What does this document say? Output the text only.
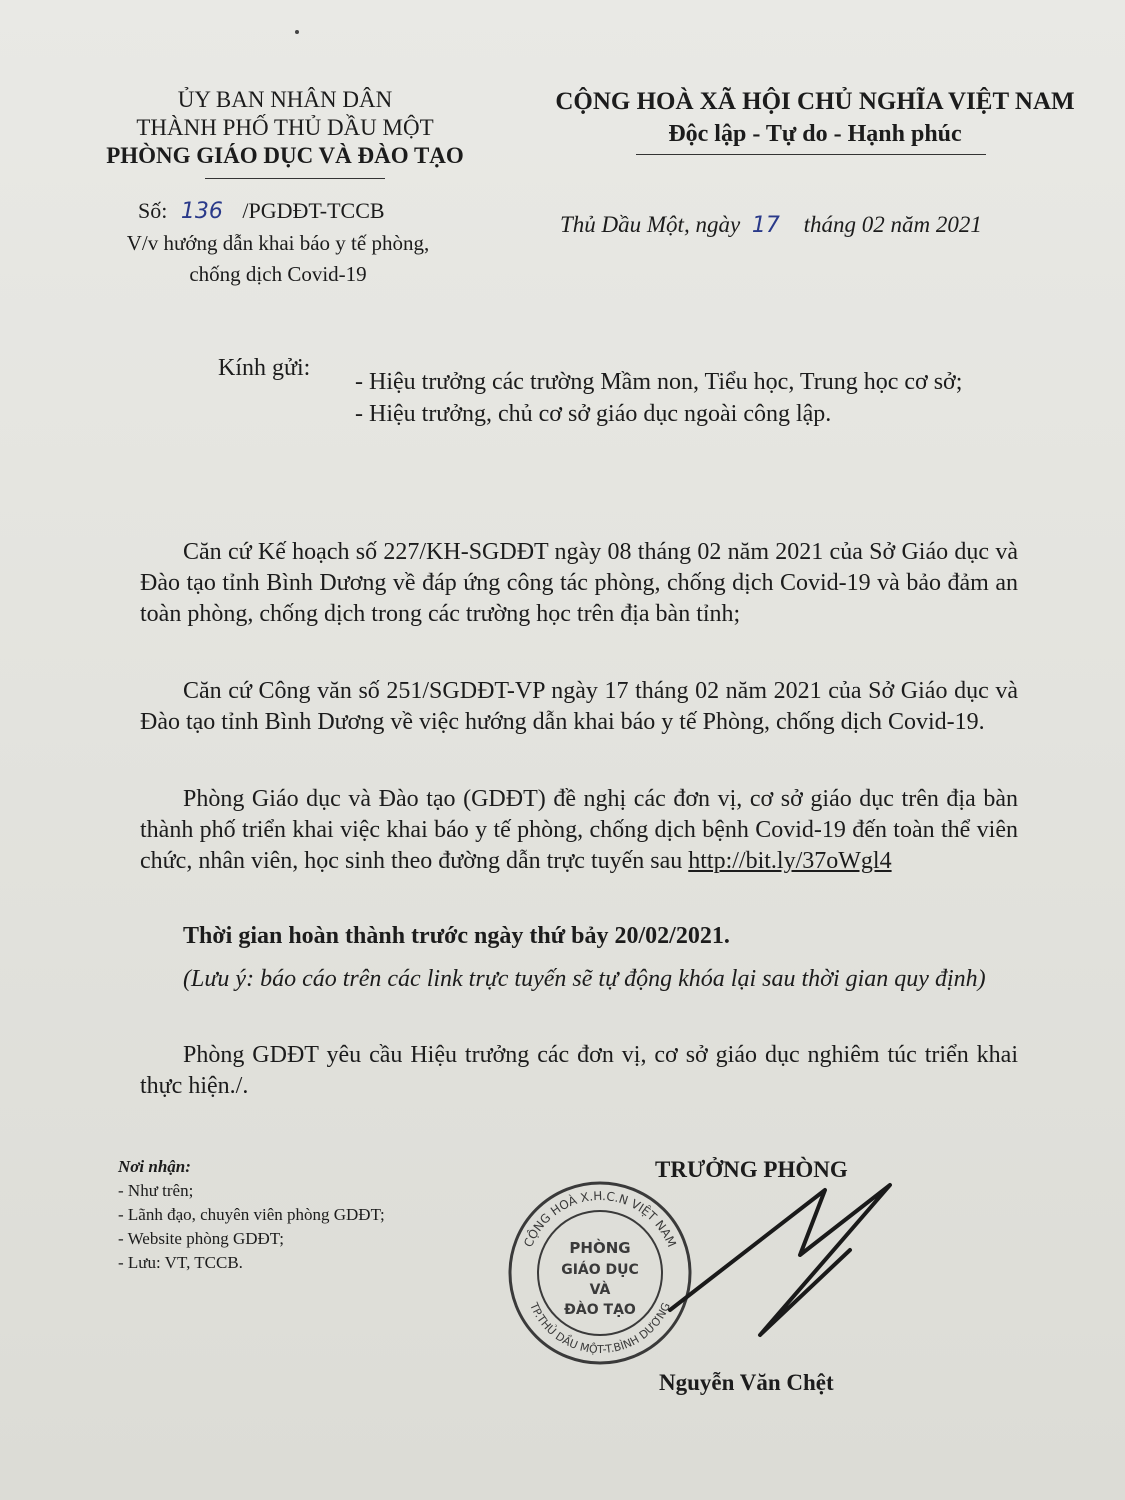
ỦY BAN NHÂN DÂN
THÀNH PHỐ THỦ DẦU MỘT
PHÒNG GIÁO DỤC VÀ ĐÀO TẠO
CỘNG HOÀ XÃ HỘI CHỦ NGHĨA VIỆT NAM
Độc lập - Tự do - Hạnh phúc
Số: 136 /PGDĐT-TCCB
V/v hướng dẫn khai báo y tế phòng,
chống dịch Covid-19
Thủ Dầu Một, ngày 17 tháng 02 năm 2021
Kính gửi:
- Hiệu trưởng các trường Mầm non, Tiểu học, Trung học cơ sở;
- Hiệu trưởng, chủ cơ sở giáo dục ngoài công lập.
Căn cứ Kế hoạch số 227/KH-SGDĐT ngày 08 tháng 02 năm 2021 của Sở Giáo dục và Đào tạo tỉnh Bình Dương về đáp ứng công tác phòng, chống dịch Covid-19 và bảo đảm an toàn phòng, chống dịch trong các trường học trên địa bàn tỉnh;
Căn cứ Công văn số 251/SGDĐT-VP ngày 17 tháng 02 năm 2021 của Sở Giáo dục và Đào tạo tỉnh Bình Dương về việc hướng dẫn khai báo y tế Phòng, chống dịch Covid-19.
Phòng Giáo dục và Đào tạo (GDĐT) đề nghị các đơn vị, cơ sở giáo dục trên địa bàn thành phố triển khai việc khai báo y tế phòng, chống dịch bệnh Covid-19 đến toàn thể viên chức, nhân viên, học sinh theo đường dẫn trực tuyến sau http://bit.ly/37oWgl4
Thời gian hoàn thành trước ngày thứ bảy 20/02/2021.
(Lưu ý: báo cáo trên các link trực tuyến sẽ tự động khóa lại sau thời gian quy định)
Phòng GDĐT yêu cầu Hiệu trưởng các đơn vị, cơ sở giáo dục nghiêm túc triển khai thực hiện./.
Nơi nhận:
- Như trên;
- Lãnh đạo, chuyên viên phòng GDĐT;
- Website phòng GDĐT;
- Lưu: VT, TCCB.
TRƯỞNG PHÒNG
CỘNG HOÀ X.H.C.N VIỆT NAM
TP.THỦ DẦU MỘT-T.BÌNH DƯƠNG
PHÒNG
GIÁO DỤC
VÀ
ĐÀO TẠO
Nguyễn Văn Chệt
